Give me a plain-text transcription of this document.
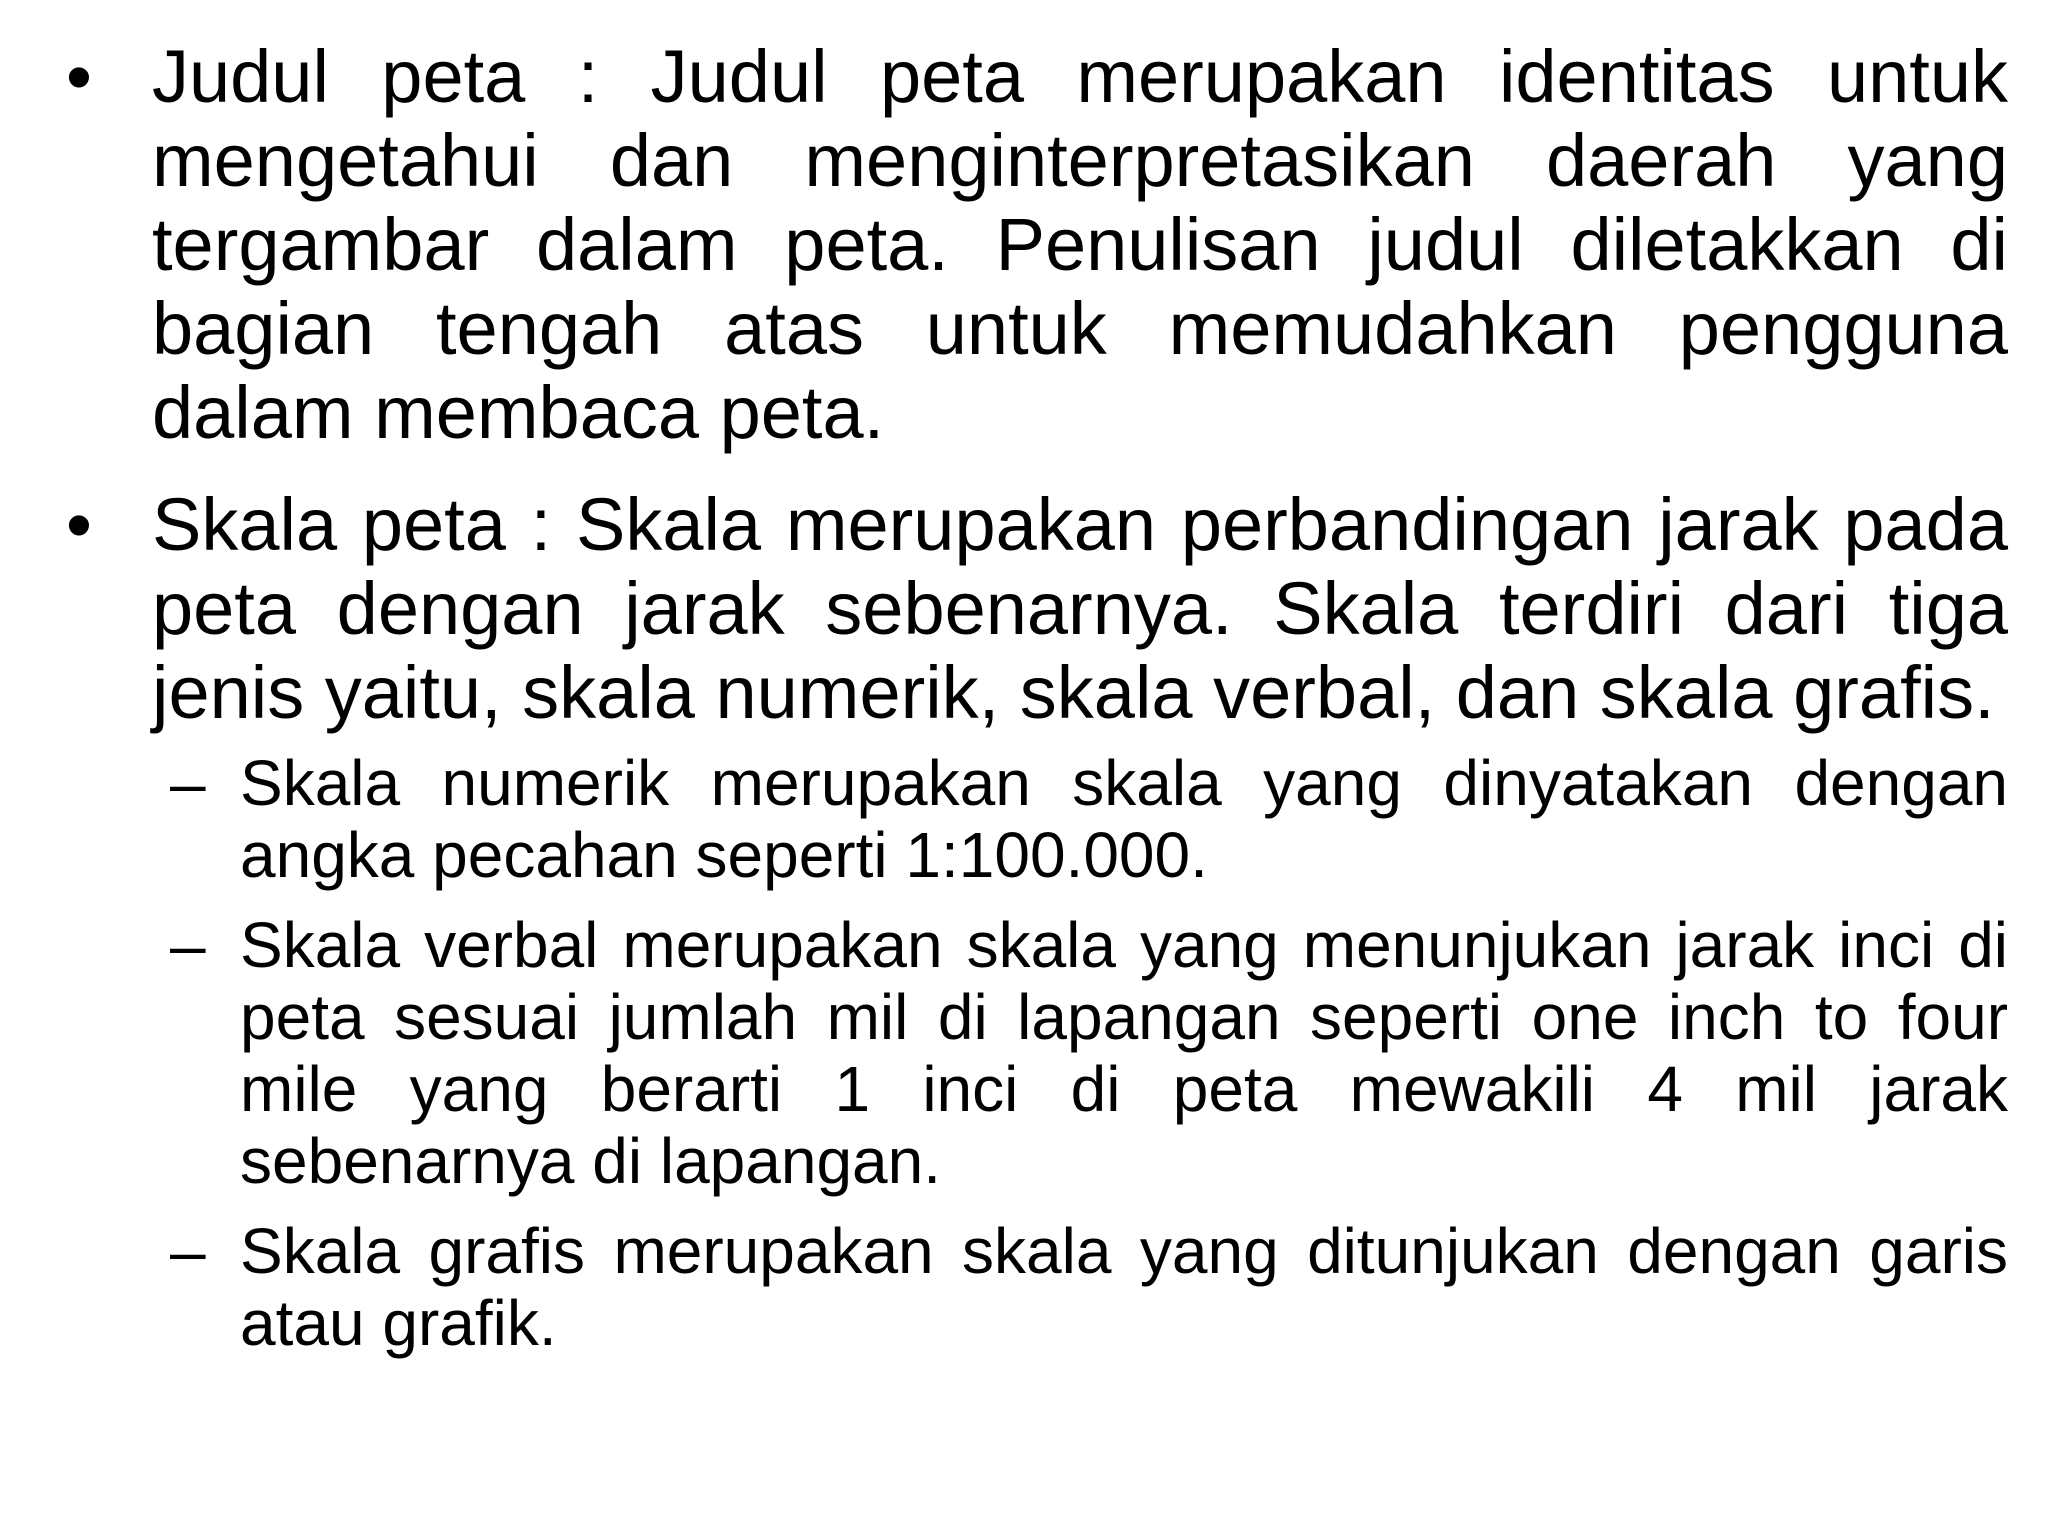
• Judul peta : Judul peta merupakan identitas untuk mengetahui dan menginterpretasikan daerah yang tergambar dalam peta. Penulisan judul diletakkan di bagian tengah atas untuk memudahkan pengguna dalam membaca peta.
• Skala peta : Skala merupakan perbandingan jarak pada peta dengan jarak sebenarnya. Skala terdiri dari tiga jenis yaitu, skala numerik, skala verbal, dan skala grafis.
– Skala numerik merupakan skala yang dinyatakan dengan angka pecahan seperti 1:100.000.
– Skala verbal merupakan skala yang menunjukan jarak inci di peta sesuai jumlah mil di lapangan seperti one inch to four mile yang berarti 1 inci di peta mewakili 4 mil jarak sebenarnya di lapangan.
– Skala grafis merupakan skala yang ditunjukan dengan garis atau grafik.
